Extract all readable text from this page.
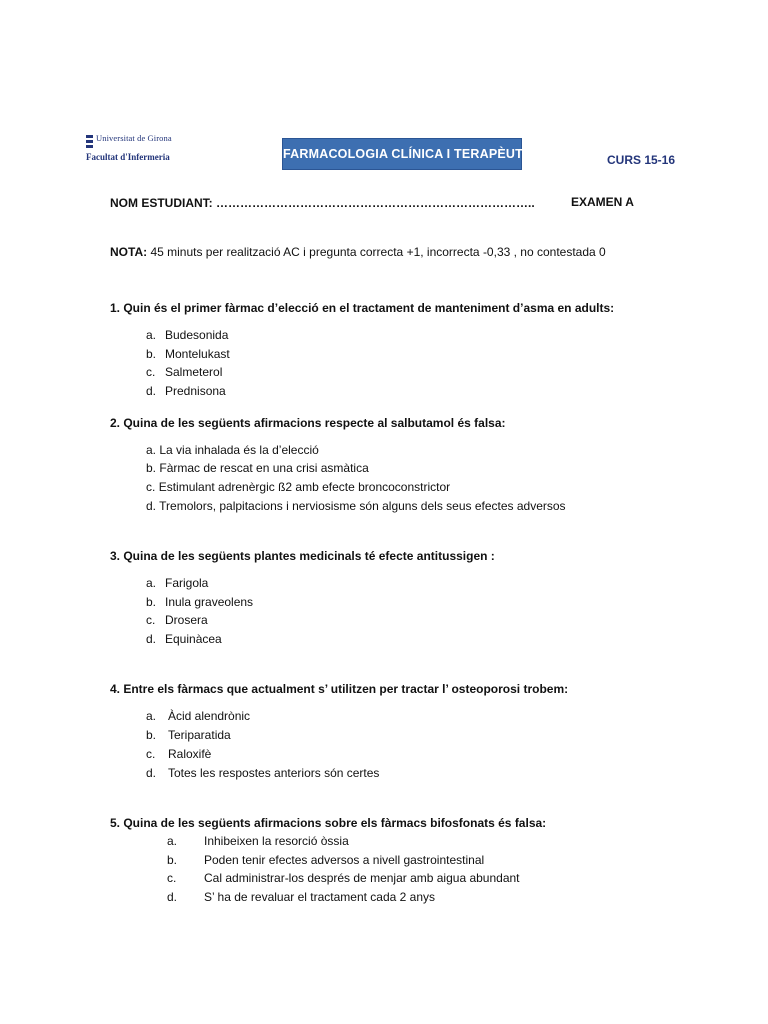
Universitat de Girona
Facultat d'Infermeria	FARMACOLOGIA CLÍNICA I TERAPÈUTICA	CURS 15-16
NOM ESTUDIANT: ……………………………………………………………………..	EXAMEN A
NOTA: 45 minuts per realització AC i pregunta correcta +1, incorrecta -0,33 , no contestada 0
1. Quin és el primer fàrmac d’elecció en el tractament de manteniment d’asma en adults:
a. Budesonida
b. Montelukast
c. Salmeterol
d. Prednisona
2. Quina de les següents afirmacions respecte al salbutamol és falsa:
a. La via inhalada és la d’elecció
b. Fàrmac de rescat en una crisi asmàtica
c. Estimulant adrenèrgic ß2 amb efecte broncoconstrictor
d. Tremolors, palpitacions i nerviosisme són alguns dels seus efectes adversos
3. Quina de les següents plantes medicinals té efecte antitussigen :
a. Farigola
b. Inula graveolens
c. Drosera
d. Equinàcea
4. Entre els fàrmacs que actualment s’ utilitzen per tractar l’ osteoporosi trobem:
a. Àcid alendrònic
b. Teriparatida
c. Raloxifè
d. Totes les respostes anteriors són certes
5. Quina de les següents afirmacions sobre els fàrmacs bifosfonats és falsa:
a. Inhibeixen la resorció òssia
b. Poden tenir efectes adversos a nivell gastrointestinal
c. Cal administrar-los després de menjar amb aigua abundant
d. S’ ha de revaluar el tractament cada 2 anys
